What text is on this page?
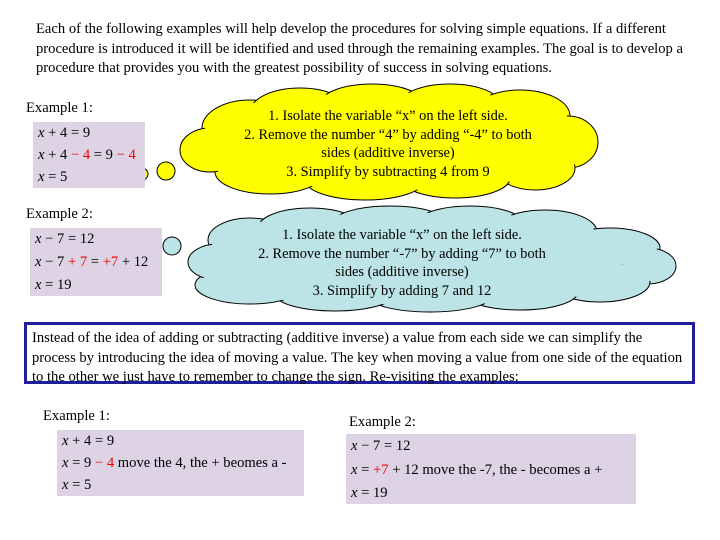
Each of the following examples will help develop the procedures for solving simple equations. If a different procedure is introduced it will be identified and used through the remaining examples. The goal is to develop a procedure that provides you with the greatest possibility of success in solving equations.
1. Isolate the variable “x” on the left side.
2. Remove the number “4” by adding “-4” to both
sides (additive inverse)
3. Simplify by subtracting 4 from 9
1. Isolate the variable “x” on the left side.
2. Remove the number “-7” by adding “7” to both
sides (additive inverse)
3. Simplify by adding 7 and 12
Example 1:
x + 4 = 9
x + 4 − 4 = 9 − 4
x = 5
Example 2:
x − 7 = 12
x − 7 + 7 = +7 + 12
x = 19
Instead of the idea of adding or subtracting (additive inverse) a value from each side we can simplify the process by introducing the idea of moving a value. The key when moving a value from one side of the equation to the other we just have to remember to change the sign. Re-visiting the examples:
Example 1:
x + 4 = 9
x = 9 − 4 move the 4, the + beomes a -
x = 5
Example 2:
x − 7 = 12
x = +7 + 12 move the -7, the - becomes a +
x = 19
